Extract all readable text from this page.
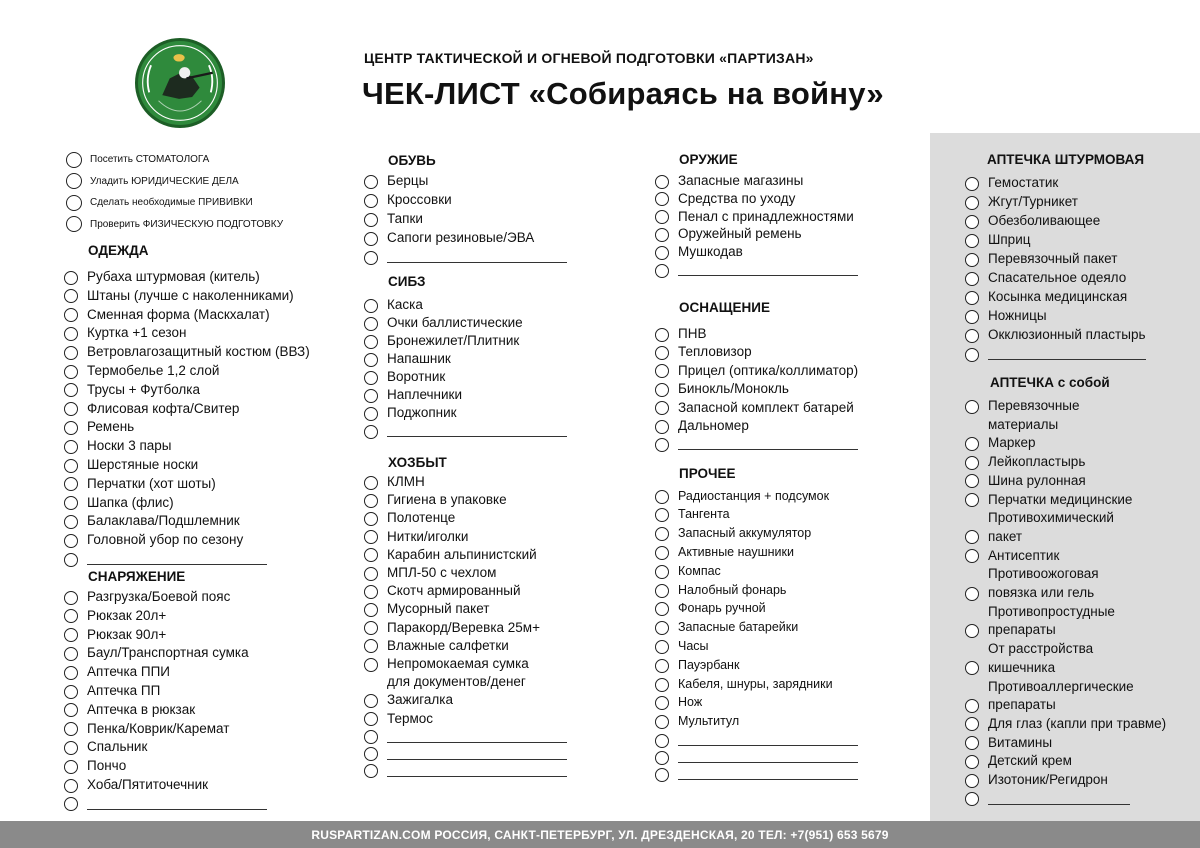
ЦЕНТР ТАКТИЧЕСКОЙ И ОГНЕВОЙ ПОДГОТОВКИ «ПАРТИЗАН»
ЧЕК-ЛИСТ «Собираясь на войну»
Посетить СТОМАТОЛОГА
Уладить ЮРИДИЧЕСКИЕ ДЕЛА
Сделать необходимые ПРИВИВКИ
Проверить ФИЗИЧЕСКУЮ ПОДГОТОВКУ
ОДЕЖДА
Рубаха штурмовая (китель)
Штаны (лучше с наколенниками)
Сменная форма (Маскхалат)
Куртка +1 сезон
Ветровлагозащитный костюм (ВВЗ)
Термобелье 1,2 слой
Трусы + Футболка
Флисовая кофта/Свитер
Ремень
Носки 3 пары
Шерстяные носки
Перчатки (хот шоты)
Шапка (флис)
Балаклава/Подшлемник
Головной убор по сезону
СНАРЯЖЕНИЕ
Разгрузка/Боевой пояс
Рюкзак 20л+
Рюкзак 90л+
Баул/Транспортная сумка
Аптечка ППИ
Аптечка ПП
Аптечка в рюкзак
Пенка/Коврик/Каремат
Спальник
Пончо
Хоба/Пятиточечник
ОБУВЬ
Берцы
Кроссовки
Тапки
Сапоги резиновые/ЭВА
СИБЗ
Каска
Очки баллистические
Бронежилет/Плитник
Напашник
Воротник
Наплечники
Поджопник
ХОЗБЫТ
КЛМН
Гигиена в упаковке
Полотенце
Нитки/иголки
Карабин альпинистский
МПЛ-50 с чехлом
Скотч армированный
Мусорный пакет
Паракорд/Веревка 25м+
Влажные салфетки
Непромокаемая сумка
для документов/денег
Зажигалка
Термос
ОРУЖИЕ
Запасные магазины
Средства по уходу
Пенал с принадлежностями
Оружейный ремень
Мушкодав
ОСНАЩЕНИЕ
ПНВ
Тепловизор
Прицел (оптика/коллиматор)
Бинокль/Монокль
Запасной комплект батарей
Дальномер
ПРОЧЕЕ
Радиостанция + подсумок
Тангента
Запасный аккумулятор
Активные наушники
Компас
Налобный фонарь
Фонарь ручной
Запасные батарейки
Часы
Пауэрбанк
Кабеля, шнуры, зарядники
Нож
Мультитул
АПТЕЧКА ШТУРМОВАЯ
Гемостатик
Жгут/Турникет
Обезболивающее
Шприц
Перевязочный пакет
Спасательное одеяло
Косынка медицинская
Ножницы
Окклюзионный пластырь
АПТЕЧКА с собой
Перевязочные
материалы
Маркер
Лейкопластырь
Шина рулонная
Перчатки медицинские
Противохимический
пакет
Антисептик
Противоожоговая
повязка или гель
Противопростудные
препараты
От расстройства
кишечника
Противоаллергические
препараты
Для глаз (капли при травме)
Витамины
Детский крем
Изотоник/Регидрон
RUSPARTIZAN.COM РОССИЯ, САНКТ-ПЕТЕРБУРГ, УЛ. ДРЕЗДЕНСКАЯ, 20 ТЕЛ: +7(951) 653 5679
